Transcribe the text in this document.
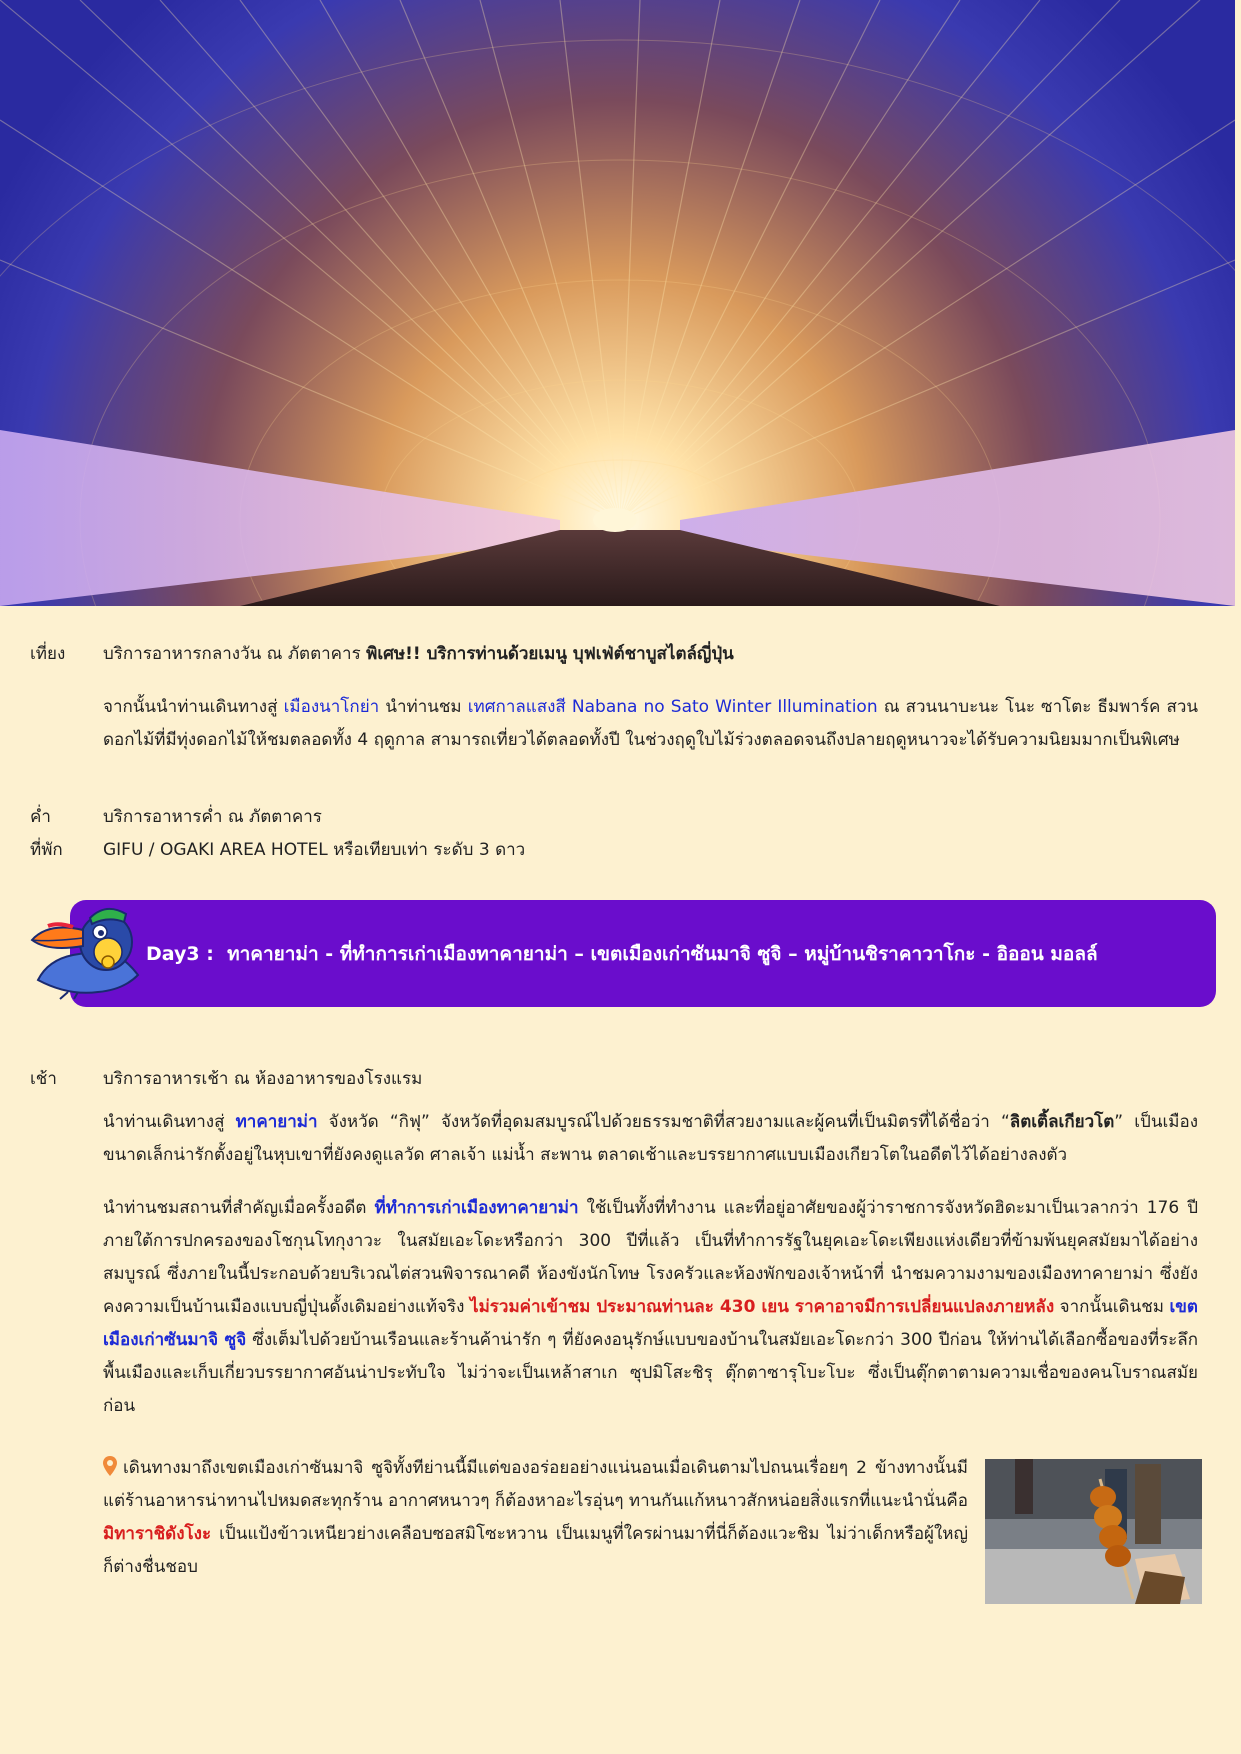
เที่ยง บริการอาหารกลางวัน ณ ภัตตาคาร พิเศษ!! บริการท่านด้วยเมนู บุฟเฟ่ต์ชาบูสไตล์ญี่ปุ่น
จากนั้นนำท่านเดินทางสู่ เมืองนาโกย่า นำท่านชม เทศกาลแสงสี Nabana no Sato Winter Illumination ณ สวนนาบะนะ โนะ ซาโตะ ธีมพาร์ค สวนดอกไม้ที่มีทุ่งดอกไม้ให้ชมตลอดทั้ง 4 ฤดูกาล สามารถเที่ยวได้ตลอดทั้งปี ในช่วงฤดูใบไม้ร่วงตลอดจนถึงปลายฤดูหนาวจะได้รับความนิยมมากเป็นพิเศษ
ค่ำ	บริการอาหารค่ำ ณ ภัตตาคาร
ที่พัก GIFU / OGAKI AREA HOTEL หรือเทียบเท่า ระดับ 3 ดาว
Day3 :
ทาคายาม่า - ที่ทำการเก่าเมืองทาคายาม่า – เขตเมืองเก่าซันมาจิ ซูจิ – หมู่บ้านชิราคาวาโกะ - อิออน มอลล์
เช้า	บริการอาหารเช้า ณ ห้องอาหารของโรงแรม
นำท่านเดินทางสู่ ทาคายาม่า จังหวัด “กิฟุ” จังหวัดที่อุดมสมบูรณ์ไปด้วยธรรมชาติที่สวยงามและผู้คนที่เป็นมิตรที่ได้ชื่อว่า “ลิตเติ้ลเกียวโต” เป็นเมืองขนาดเล็กน่ารักตั้งอยู่ในหุบเขาที่ยังคงดูแลวัด ศาลเจ้า แม่น้ำ สะพาน ตลาดเช้าและบรรยากาศแบบเมืองเกียวโตในอดีตไว้ได้อย่างลงตัว
นำท่านชมสถานที่สำคัญเมื่อครั้งอดีต ที่ทำการเก่าเมืองทาคายาม่า ใช้เป็นทั้งที่ทำงาน และที่อยู่อาศัยของผู้ว่าราชการจังหวัดฮิดะมาเป็นเวลากว่า 176 ปี ภายใต้การปกครองของโชกุนโทกุงาวะ ในสมัยเอะโดะหรือกว่า 300 ปีที่แล้ว เป็นที่ทำการรัฐในยุคเอะโดะเพียงแห่งเดียวที่ข้ามพ้นยุคสมัยมาได้อย่างสมบูรณ์ ซึ่งภายในนี้ประกอบด้วยบริเวณไต่สวนพิจารณาคดี ห้องขังนักโทษ โรงครัวและห้องพักของเจ้าหน้าที่ นำชมความงามของเมืองทาคายาม่า ซึ่งยังคงความเป็นบ้านเมืองแบบญี่ปุ่นดั้งเดิมอย่างแท้จริง ไม่รวมค่าเข้าชม ประมาณท่านละ 430 เยน ราคาอาจมีการเปลี่ยนแปลงภายหลัง จากนั้นเดินชม เขตเมืองเก่าซันมาจิ ซูจิ ซึ่งเต็มไปด้วยบ้านเรือนและร้านค้าน่ารัก ๆ ที่ยังคงอนุรักษ์แบบของบ้านในสมัยเอะโดะกว่า 300 ปีก่อน ให้ท่านได้เลือกซื้อของที่ระลึกพื้นเมืองและเก็บเกี่ยวบรรยากาศอันน่าประทับใจ ไม่ว่าจะเป็นเหล้าสาเก ซุปมิโสะชิรุ ตุ๊กตาซารุโบะโบะ ซึ่งเป็นตุ๊กตาตามความเชื่อของคนโบราณสมัยก่อน
เดินทางมาถึงเขตเมืองเก่าซันมาจิ ซูจิทั้งทีย่านนี้มีแต่ของอร่อยอย่างแน่นอนเมื่อเดินตามไปถนนเรื่อยๆ 2 ข้างทางนั้นมีแต่ร้านอาหารน่าทานไปหมดสะทุกร้าน อากาศหนาวๆ ก็ต้องหาอะไรอุ่นๆ ทานกันแก้หนาวสักหน่อยสิ่งแรกที่แนะนำนั่นคือ มิทาราชิดังโงะ เป็นแป้งข้าวเหนียวย่างเคลือบซอสมิโซะหวาน เป็นเมนูที่ใครผ่านมาที่นี่ก็ต้องแวะชิม ไม่ว่าเด็กหรือผู้ใหญ่ก็ต่างชื่นชอบ
